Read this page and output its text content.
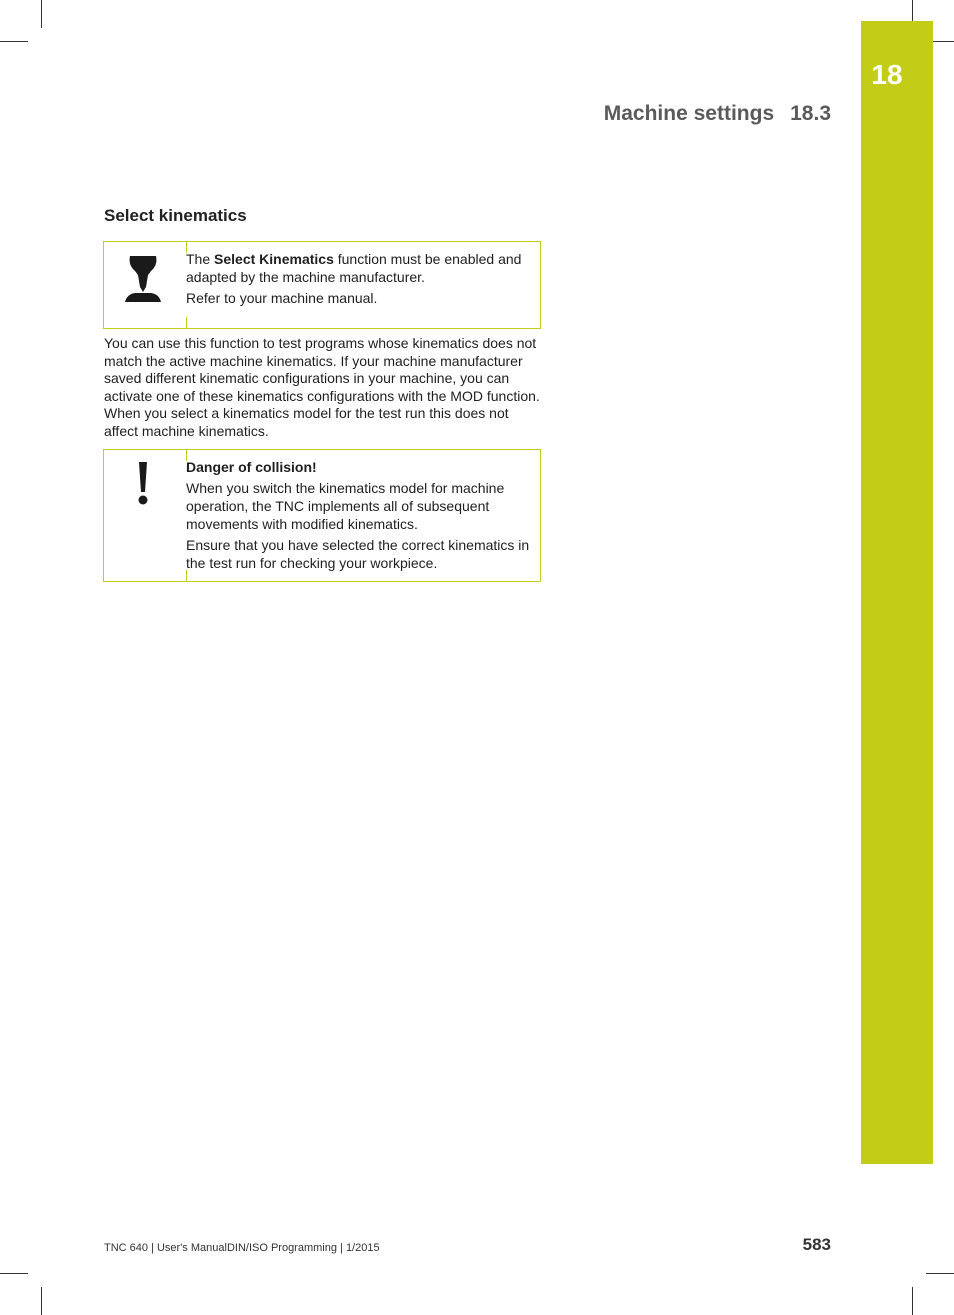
18
Machine settings 18.3
Select kinematics

The Select Kinematics function must be enabled and adapted by the machine manufacturer.

Refer to your machine manual.

You can use this function to test programs whose kinematics does not match the active machine kinematics. If your machine manufacturer saved different kinematic configurations in your machine, you can activate one of these kinematics configurations with the MOD function. When you select a kinematics model for the test run this does not affect machine kinematics.

Danger of collision!

When you switch the kinematics model for machine operation, the TNC implements all of subsequent movements with modified kinematics.

Ensure that you have selected the correct kinematics in the test run for checking your workpiece.

TNC 640 | User's ManualDIN/ISO Programming | 1/2015	583
